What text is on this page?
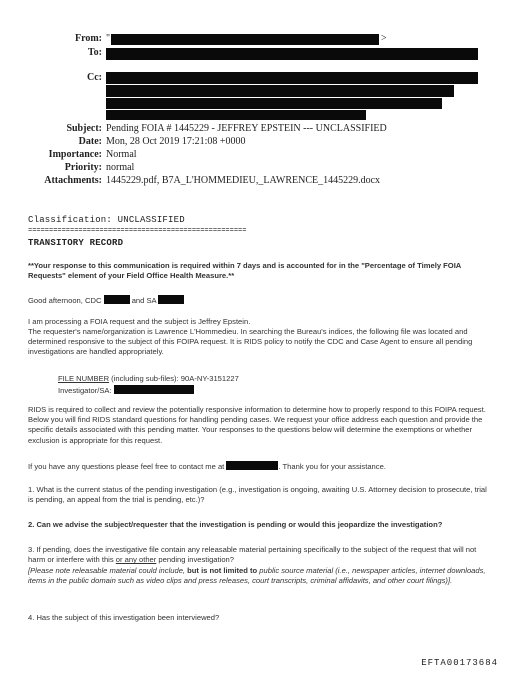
From: "	>
To:
Cc:
Subject: Pending FOIA # 1445229 - JEFFREY EPSTEIN --- UNCLASSIFIED
Date: Mon, 28 Oct 2019 17:21:08 +0000
Importance: Normal
Priority: normal
Attachments: 1445229.pdf, B7A_L'HOMMEDIEU,_LAWRENCE_1445229.docx
Classification: UNCLASSIFIED
====================================================
TRANSITORY RECORD

**Your response to this communication is required within 7 days and is accounted for in the "Percentage of Timely FOIA Requests" element of your Field Office Health Measure.**

Good afternoon, CDC	and SA

I am processing a FOIA request and the subject is Jeffrey Epstein.

The requester's name/organization is Lawrence L'Hommedieu. In searching the Bureau's indices, the following file was located and determined responsive to the subject of this FOIPA request. It is RIDS policy to notify the CDC and Case Agent to ensure all pending investigations are handled appropriately.

FILE NUMBER (including sub-files): 90A-NY-3151227

Investigator/SA:

RIDS is required to collect and review the potentially responsive information to determine how to properly respond to this FOIPA request. Below you will find RIDS standard questions for handling pending cases. We request your office address each question and provide the specific details associated with this pending matter. Your responses to the questions below will determine the exemptions or whether exclusion is appropriate for this request.

If you have any questions please feel free to contact me at	. Thank you for your assistance.

1. What is the current status of the pending investigation (e.g., investigation is ongoing, awaiting U.S. Attorney decision to prosecute, trial is pending, an appeal from the trial is pending, etc.)?

2. Can we advise the subject/requester that the investigation is pending or would this jeopardize the investigation?

3. If pending, does the investigative file contain any releasable material pertaining specifically to the subject of the request that will not harm or interfere with this or any other pending investigation?

[Please note releasable material could include, but is not limited to public source material (i.e., newspaper articles, internet downloads, items in the public domain such as video clips and press releases, court transcripts, criminal affidavits, and other court filings)].

4. Has the subject of this investigation been interviewed?

EFTA00173684
